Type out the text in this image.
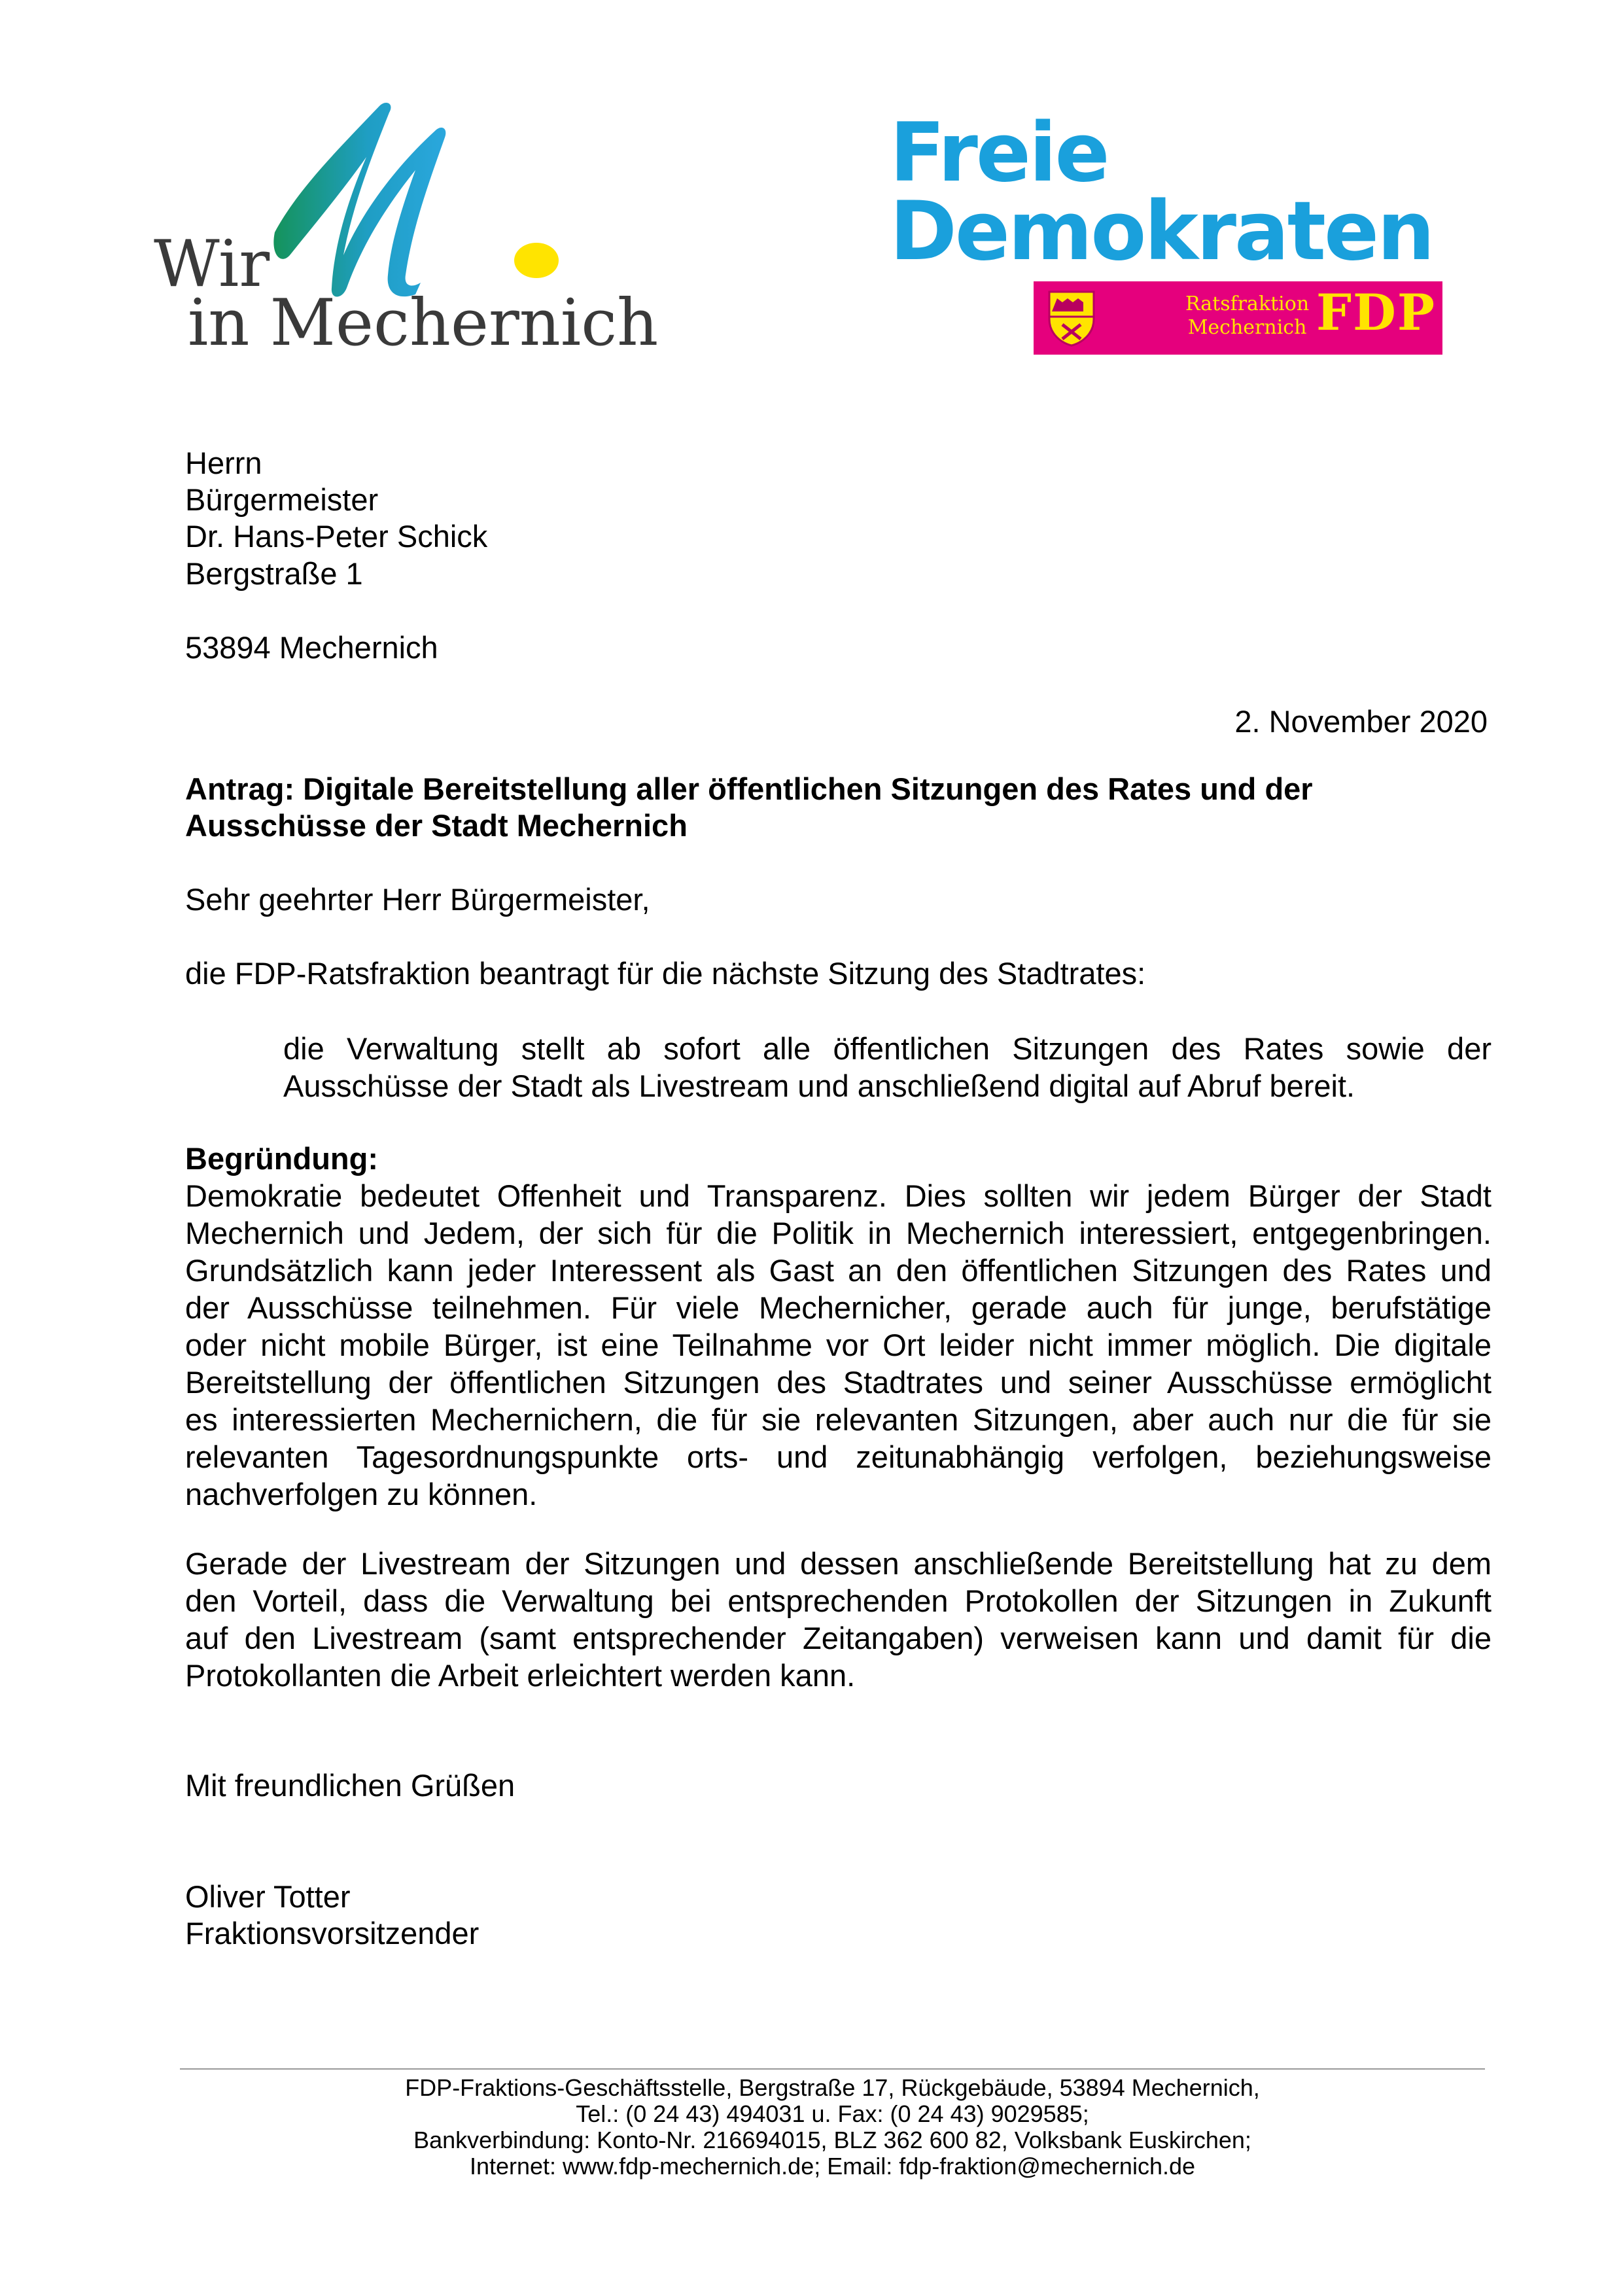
Wir
in Mechernich
Freie
Demokraten
Ratsfraktion
Mechernich FDP
Herrn
Bürgermeister
Dr. Hans-Peter Schick
Bergstraße 1
53894 Mechernich
2. November 2020
Antrag: Digitale Bereitstellung aller öffentlichen Sitzungen des Rates und der Ausschüsse der Stadt Mechernich
Sehr geehrter Herr Bürgermeister,
die FDP-Ratsfraktion beantragt für die nächste Sitzung des Stadtrates:
die Verwaltung stellt ab sofort alle öffentlichen Sitzungen des Rates sowie der
Ausschüsse der Stadt als Livestream und anschließend digital auf Abruf bereit.
Begründung:
Demokratie bedeutet Offenheit und Transparenz. Dies sollten wir jedem Bürger der Stadt
Mechernich und Jedem, der sich für die Politik in Mechernich interessiert, entgegenbringen.
Grundsätzlich kann jeder Interessent als Gast an den öffentlichen Sitzungen des Rates und
der Ausschüsse teilnehmen. Für viele Mechernicher, gerade auch für junge, berufstätige
oder nicht mobile Bürger, ist eine Teilnahme vor Ort leider nicht immer möglich. Die digitale
Bereitstellung der öffentlichen Sitzungen des Stadtrates und seiner Ausschüsse ermöglicht
es interessierten Mechernichern, die für sie relevanten Sitzungen, aber auch nur die für sie
relevanten Tagesordnungspunkte orts- und zeitunabhängig verfolgen, beziehungsweise
nachverfolgen zu können.
Gerade der Livestream der Sitzungen und dessen anschließende Bereitstellung hat zu dem
den Vorteil, dass die Verwaltung bei entsprechenden Protokollen der Sitzungen in Zukunft
auf den Livestream (samt entsprechender Zeitangaben) verweisen kann und damit für die
Protokollanten die Arbeit erleichtert werden kann.
Mit freundlichen Grüßen
Oliver Totter
Fraktionsvorsitzender
FDP-Fraktions-Geschäftsstelle, Bergstraße 17, Rückgebäude, 53894 Mechernich,
Tel.: (0 24 43) 494031 u. Fax: (0 24 43) 9029585;
Bankverbindung: Konto-Nr. 216694015, BLZ 362 600 82, Volksbank Euskirchen;
Internet: www.fdp-mechernich.de; Email: fdp-fraktion@mechernich.de
